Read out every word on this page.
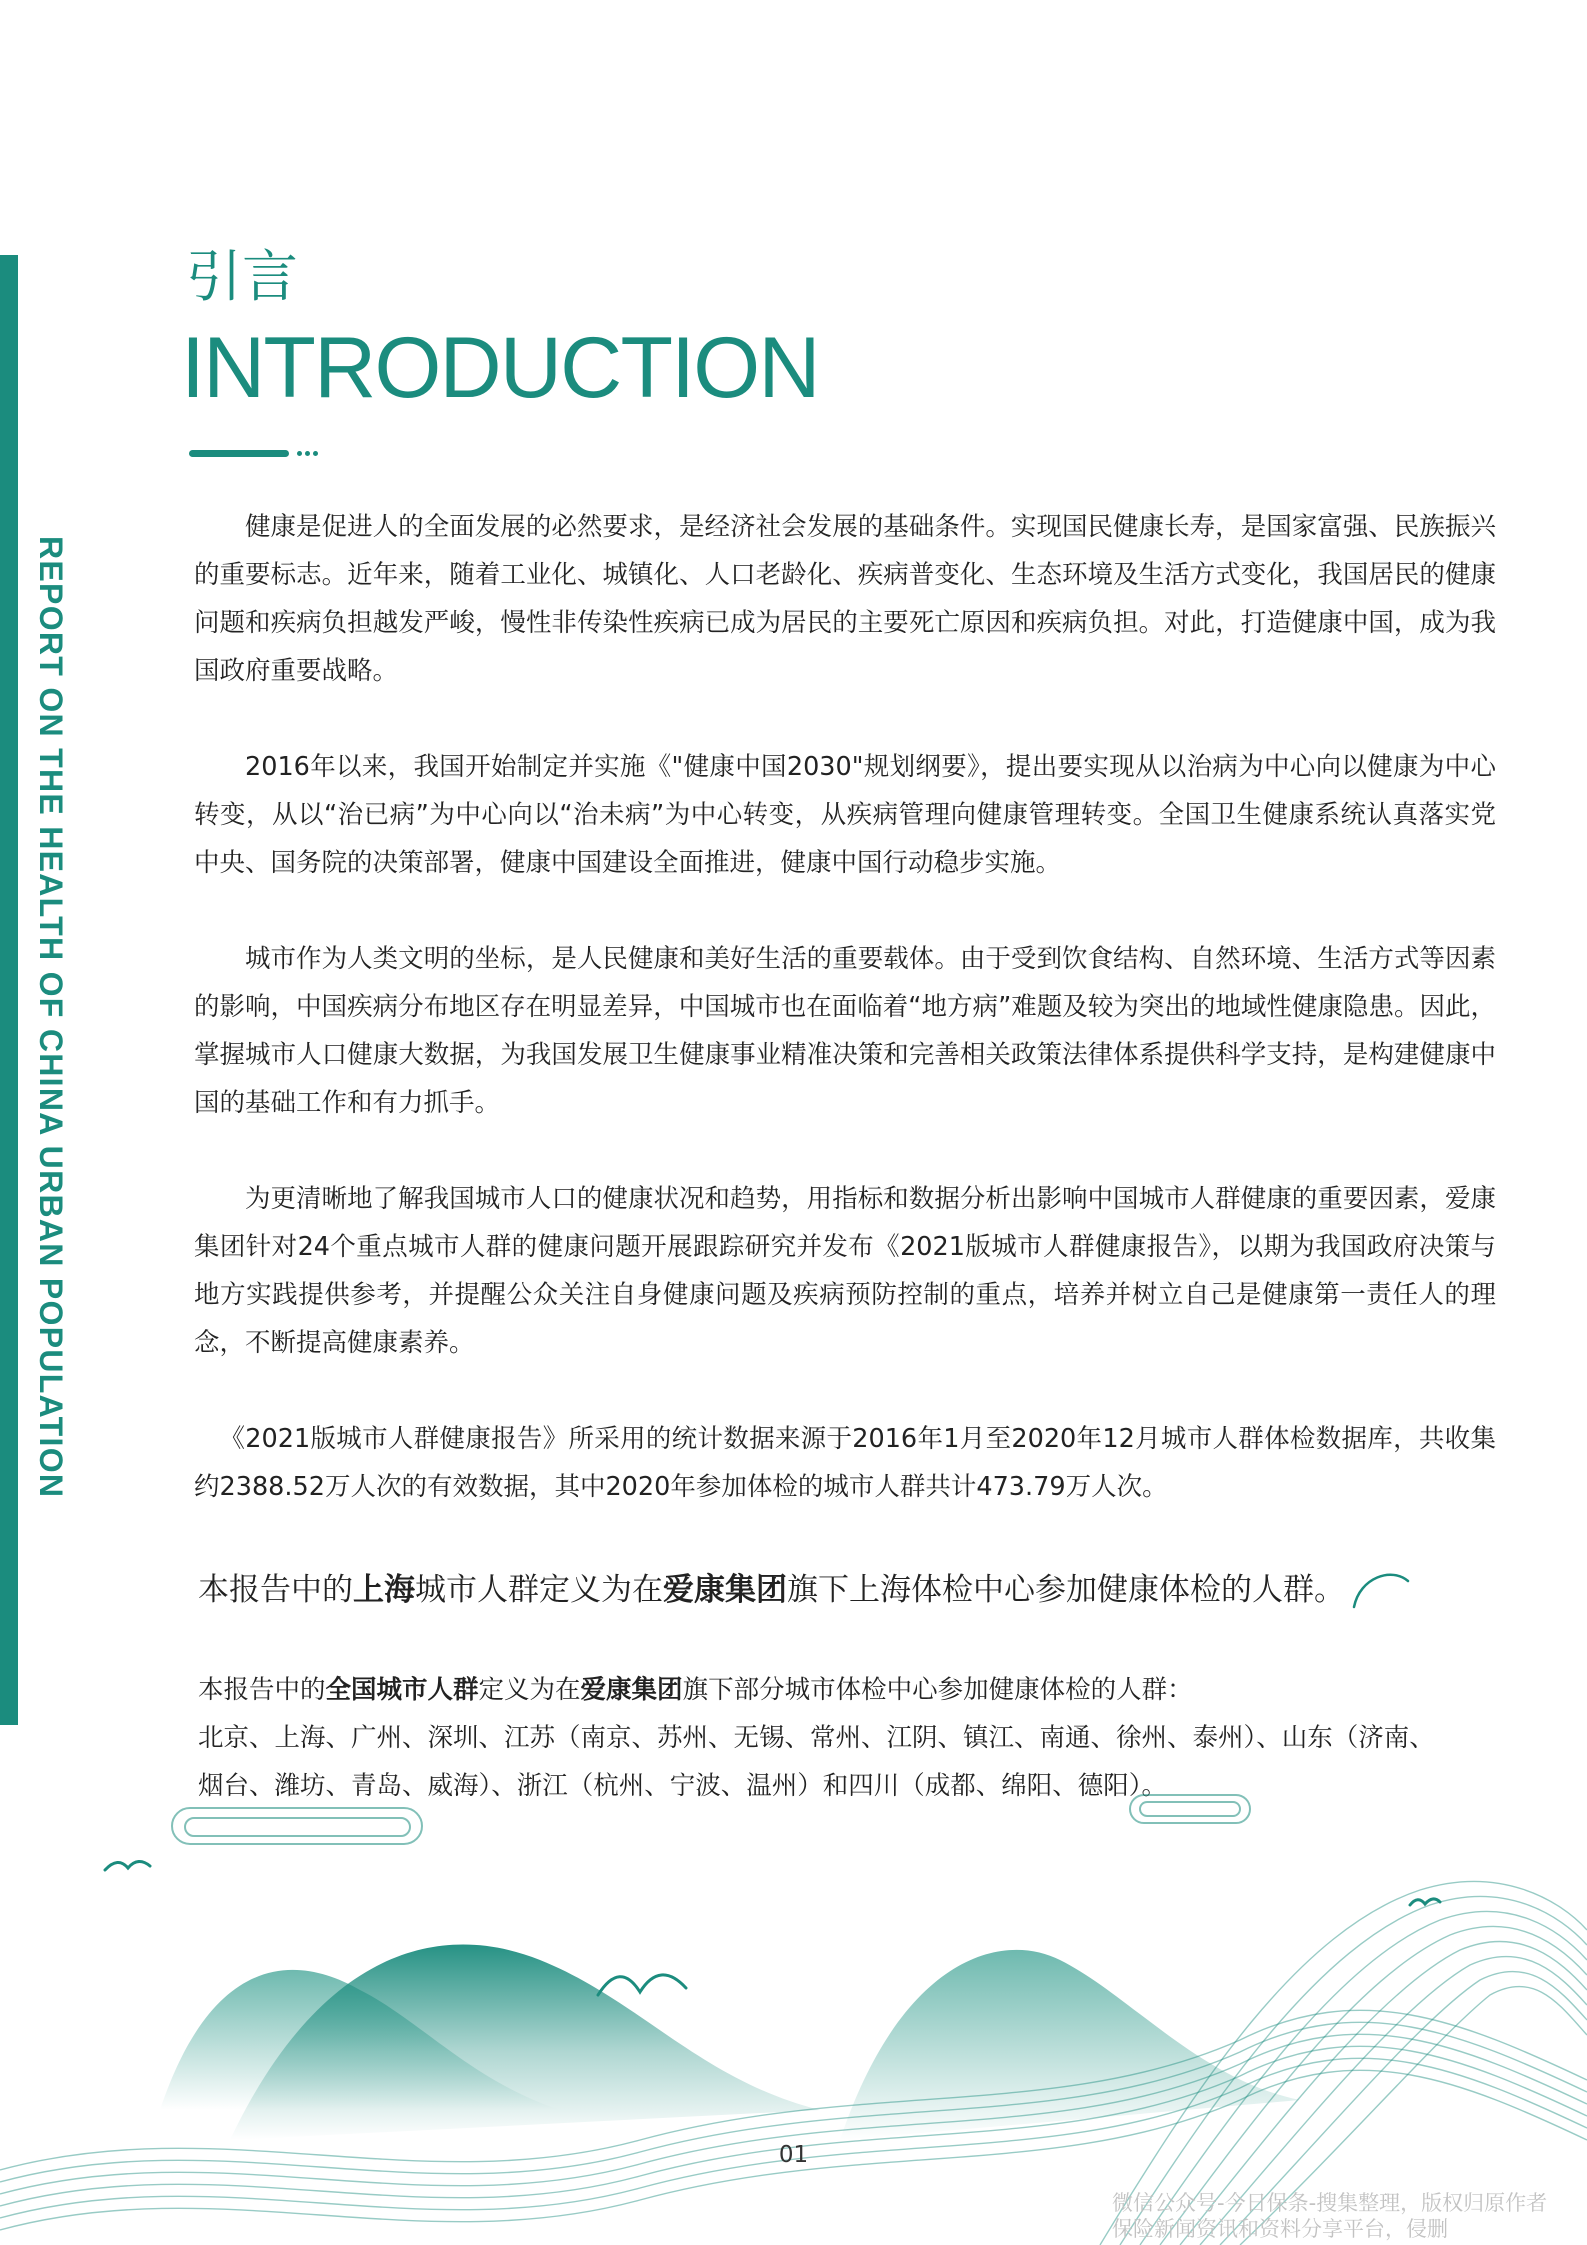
REPORT ON THE HEALTH OF CHINA URBAN POPULATION
引言
INTRODUCTION

健康是促进人的全面发展的必然要求，是经济社会发展的基础条件。实现国民健康长寿，是国家富强、民族振兴的重要标志。近年来，随着工业化、城镇化、人口老龄化、疾病普变化、生态环境及生活方式变化，我国居民的健康问题和疾病负担越发严峻，慢性非传染性疾病已成为居民的主要死亡原因和疾病负担。对此，打造健康中国，成为我国政府重要战略。

2016年以来，我国开始制定并实施《"健康中国2030"规划纲要》，提出要实现从以治病为中心向以健康为中心转变，从以“治已病”为中心向以“治未病”为中心转变，从疾病管理向健康管理转变。全国卫生健康系统认真落实党中央、国务院的决策部署，健康中国建设全面推进，健康中国行动稳步实施。

城市作为人类文明的坐标，是人民健康和美好生活的重要载体。由于受到饮食结构、自然环境、生活方式等因素的影响，中国疾病分布地区存在明显差异，中国城市也在面临着“地方病”难题及较为突出的地域性健康隐患。因此，掌握城市人口健康大数据，为我国发展卫生健康事业精准决策和完善相关政策法律体系提供科学支持，是构建健康中国的基础工作和有力抓手。

为更清晰地了解我国城市人口的健康状况和趋势，用指标和数据分析出影响中国城市人群健康的重要因素，爱康集团针对24个重点城市人群的健康问题开展跟踪研究并发布《2021版城市人群健康报告》，以期为我国政府决策与地方实践提供参考，并提醒公众关注自身健康问题及疾病预防控制的重点，培养并树立自己是健康第一责任人的理念，不断提高健康素养。

《2021版城市人群健康报告》所采用的统计数据来源于2016年1月至2020年12月城市人群体检数据库，共收集约2388.52万人次的有效数据，其中2020年参加体检的城市人群共计473.79万人次。

本报告中的上海城市人群定义为在爱康集团旗下上海体检中心参加健康体检的人群。

本报告中的全国城市人群定义为在爱康集团旗下部分城市体检中心参加健康体检的人群：

北京、上海、广州、深圳、江苏（南京、苏州、无锡、常州、江阴、镇江、南通、徐州、泰州）、山东（济南、

烟台、潍坊、青岛、威海）、浙江（杭州、宁波、温州）和四川（成都、绵阳、德阳）。

01
微信公众号-今日保条-搜集整理，版权归原作者
保险新闻资讯和资料分享平台，侵删
